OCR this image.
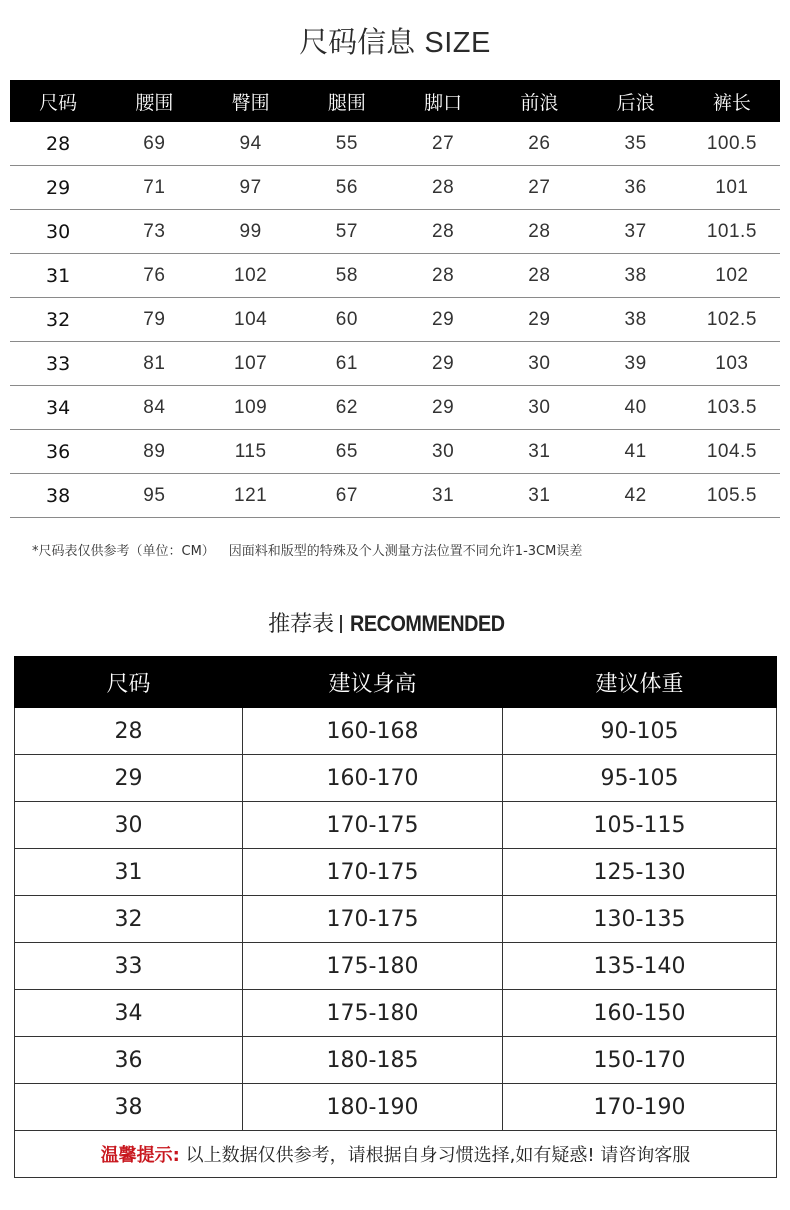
尺码信息 SIZE
尺码	腰围	臀围	腿围	脚口	前浪	后浪	裤长
28	69	94	55	27	26	35	100.5
29	71	97	56	28	27	36	101
30	73	99	57	28	28	37	101.5
31	76	102	58	28	28	38	102
32	79	104	60	29	29	38	102.5
33	81	107	61	29	30	39	103
34	84	109	62	29	30	40	103.5
36	89	115	65	30	31	41	104.5
38	95	121	67	31	31	42	105.5
*尺码表仅供参考（单位：CM） 因面料和版型的特殊及个人测量方法位置不同允许1-3CM误差
推荐表 RECOMMENDED
尺码	建议身高	建议体重
28	160-168	90-105
29	160-170	95-105
30	170-175	105-115
31	170-175	125-130
32	170-175	130-135
33	175-180	135-140
34	175-180	160-150
36	180-185	150-170
38	180-190	170-190
温馨提示: 以上数据仅供参考，请根据自身习惯选择,如有疑惑! 请咨询客服		
